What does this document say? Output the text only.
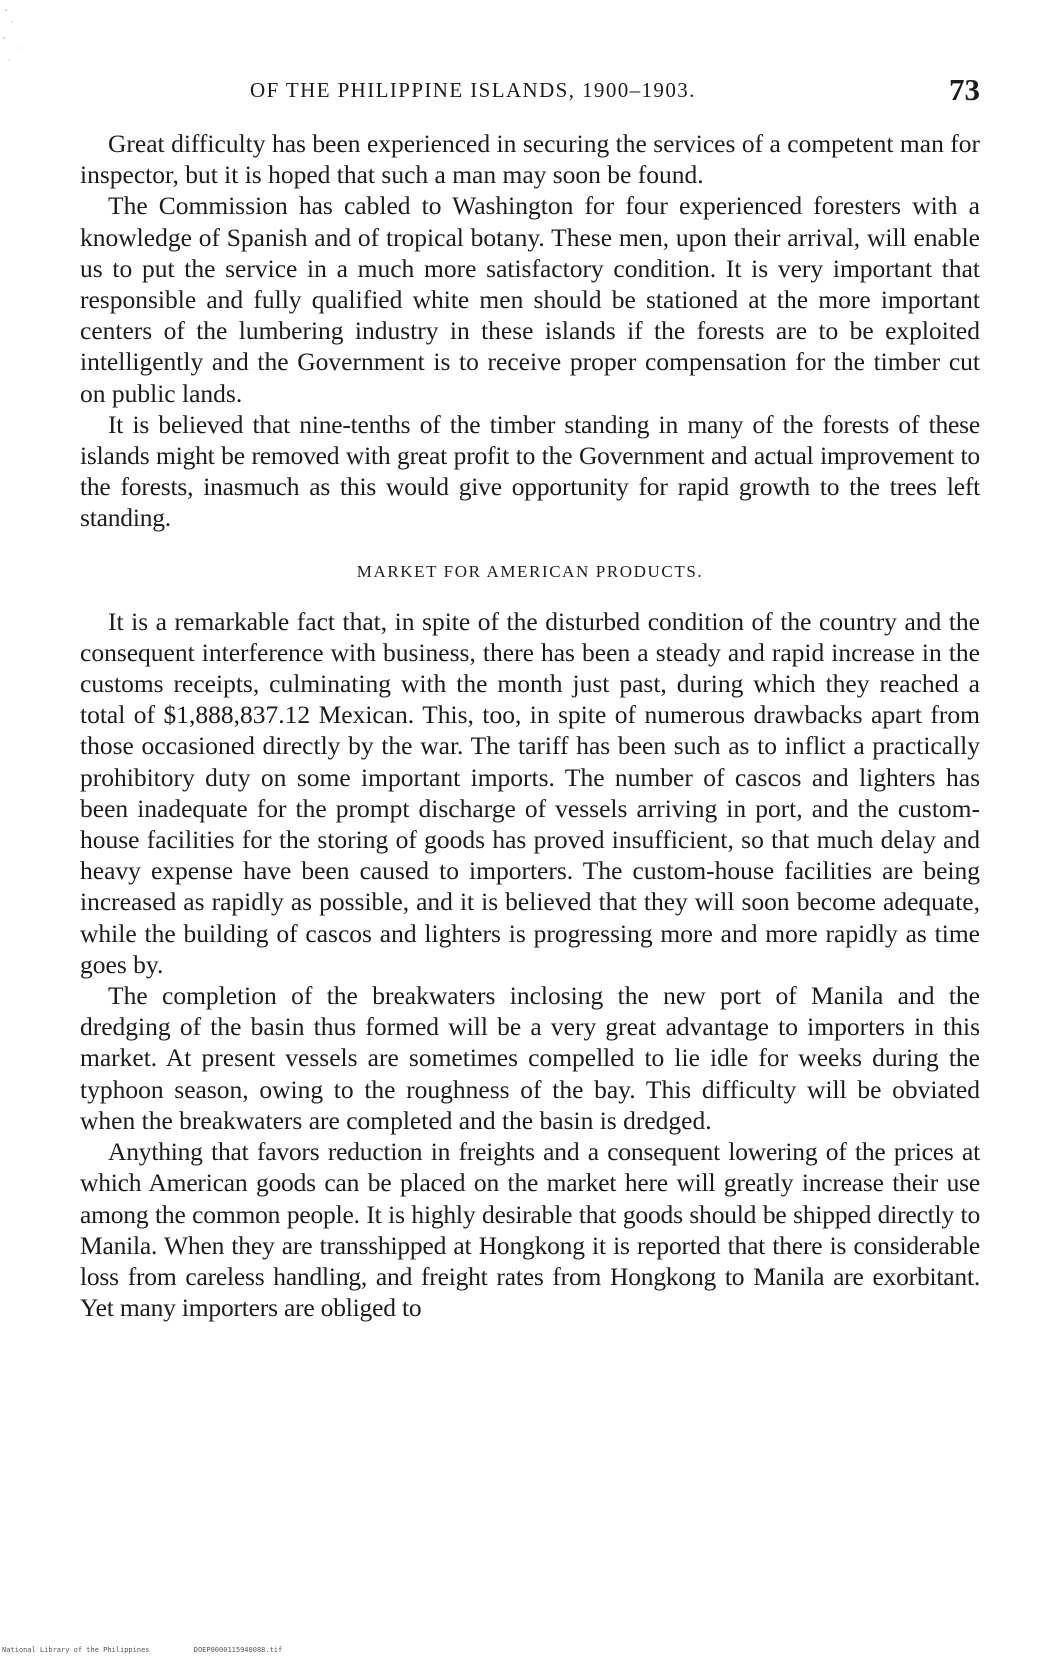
OF THE PHILIPPINE ISLANDS, 1900–1903.	73

Great difficulty has been experienced in securing the services of a competent man for inspector, but it is hoped that such a man may soon be found.

The Commission has cabled to Washington for four experienced foresters with a knowledge of Spanish and of tropical botany. These men, upon their arrival, will enable us to put the service in a much more satisfactory condition. It is very important that responsible and fully qualified white men should be stationed at the more important centers of the lumbering industry in these islands if the forests are to be exploited intelligently and the Government is to receive proper compensation for the timber cut on public lands.

It is believed that nine-tenths of the timber standing in many of the forests of these islands might be removed with great profit to the Government and actual improvement to the forests, inasmuch as this would give opportunity for rapid growth to the trees left standing.

MARKET FOR AMERICAN PRODUCTS.

It is a remarkable fact that, in spite of the disturbed condition of the country and the consequent interference with business, there has been a steady and rapid increase in the customs receipts, culminating with the month just past, during which they reached a total of $1,888,837.12 Mexican. This, too, in spite of numerous drawbacks apart from those occasioned directly by the war. The tariff has been such as to inflict a practically prohibitory duty on some important imports. The number of cascos and lighters has been inadequate for the prompt discharge of vessels arriving in port, and the custom-house facilities for the storing of goods has proved insufficient, so that much delay and heavy expense have been caused to importers. The custom-house facilities are being increased as rapidly as possible, and it is believed that they will soon become adequate, while the building of cascos and lighters is progressing more and more rapidly as time goes by.

The completion of the breakwaters inclosing the new port of Manila and the dredging of the basin thus formed will be a very great advantage to importers in this market. At present vessels are sometimes compelled to lie idle for weeks during the typhoon season, owing to the roughness of the bay. This difficulty will be obviated when the breakwaters are completed and the basin is dredged.

Anything that favors reduction in freights and a consequent lowering of the prices at which American goods can be placed on the market here will greatly increase their use among the common people. It is highly desirable that goods should be shipped directly to Manila. When they are transshipped at Hongkong it is reported that there is considerable loss from careless handling, and freight rates from Hongkong to Manila are exorbitant. Yet many importers are obliged to

National Library of the Philippines	DOEP0000115940088.tif
